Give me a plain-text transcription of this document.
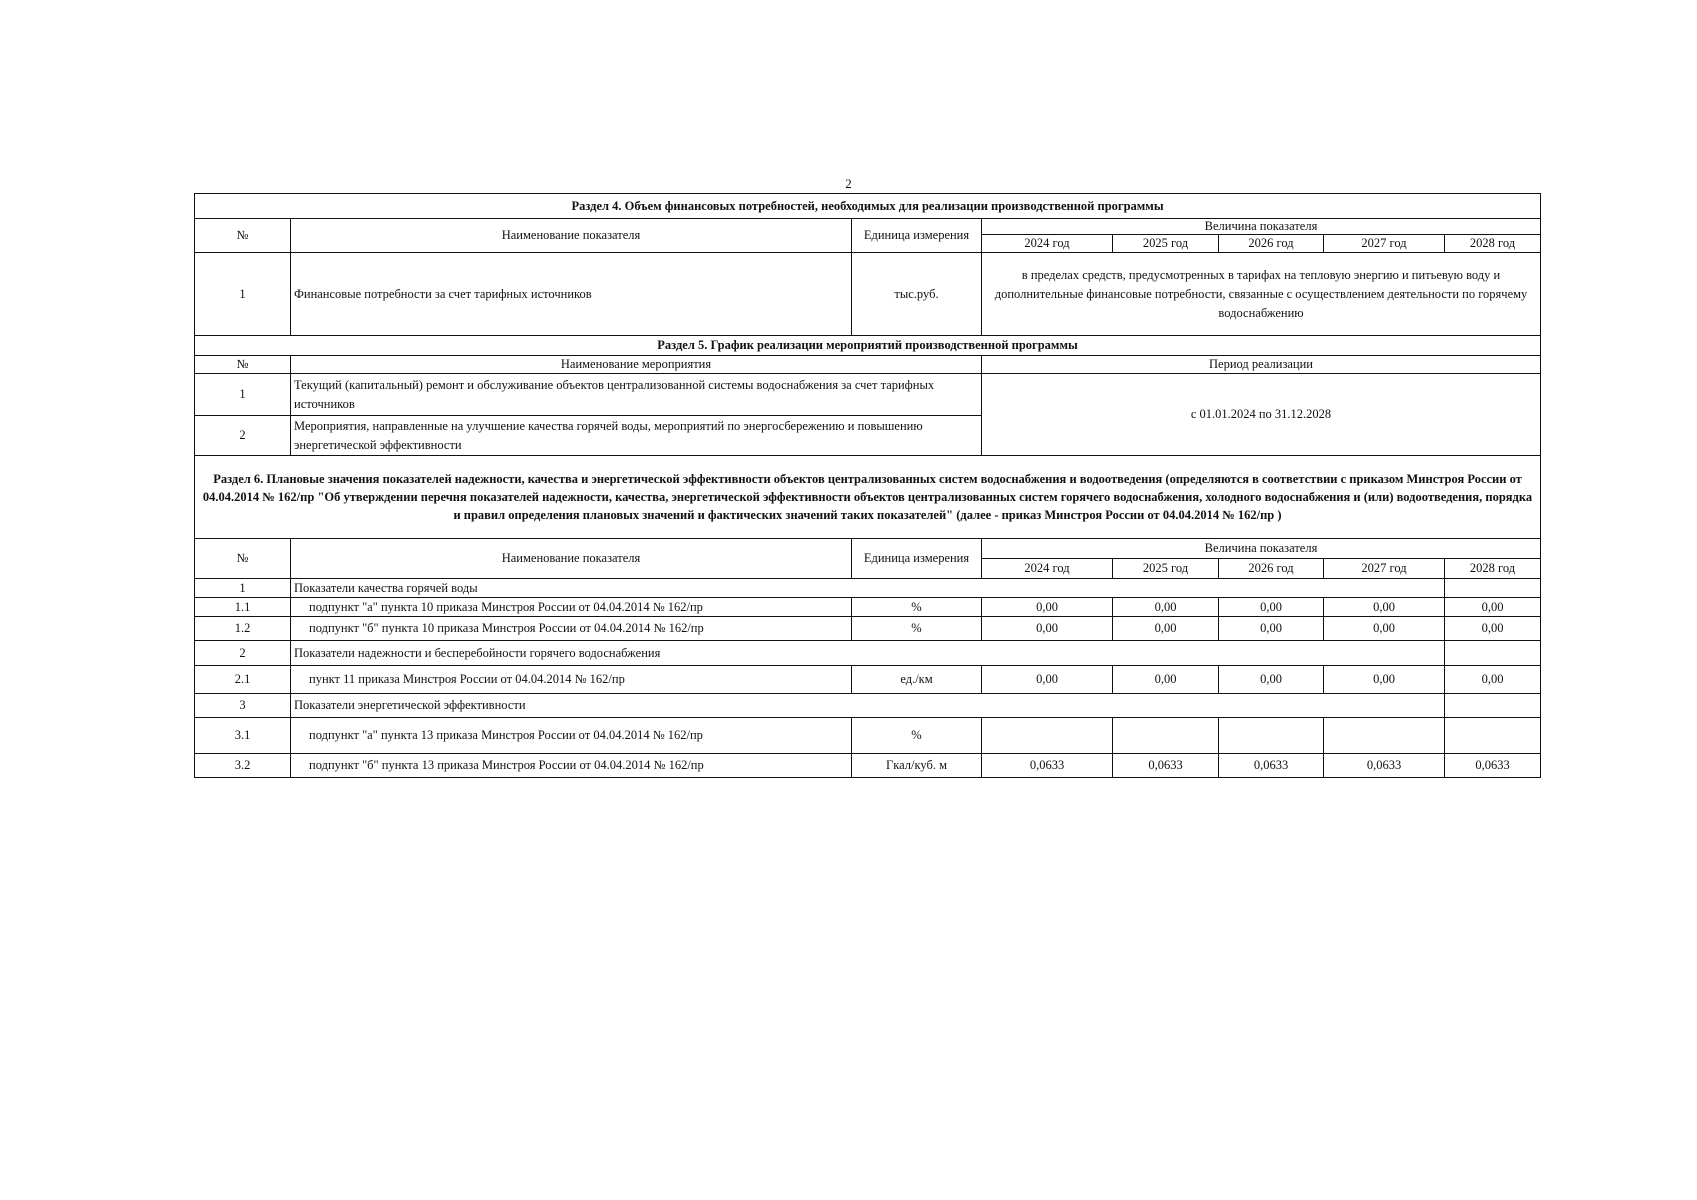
2
Раздел 4. Объем финансовых потребностей, необходимых для реализации производственной программы							
№	Наименование показателя	Единица измерения	Величина показателя				
			2024 год	2025 год	2026 год	2027 год	2028 год
1	Финансовые потребности за счет тарифных источников	тыс.руб.	в пределах средств, предусмотренных в тарифах на тепловую энергию и питьевую воду и дополнительные финансовые потребности, связанные с осуществлением деятельности по горячему водоснабжению				
Раздел 5. График реализации мероприятий производственной программы							
№	Наименование мероприятия		Период реализации				
1	Текущий (капитальный) ремонт и обслуживание объектов централизованной системы водоснабжения за счет тарифных источников		с 01.01.2024 по 31.12.2028				
2	Мероприятия, направленные на улучшение качества горячей воды, мероприятий по энергосбережению и повышению энергетической эффективности						
Раздел 6. Плановые значения показателей надежности, качества и энергетической эффективности объектов централизованных систем водоснабжения и водоотведения (определяются в соответствии с приказом Минстроя России от 04.04.2014 № 162/пр "Об утверждении перечня показателей надежности, качества, энергетической эффективности объектов централизованных систем горячего водоснабжения, холодного водоснабжения и (или) водоотведения, порядка и правил определения плановых значений и фактических значений таких показателей" (далее - приказ Минстроя России от 04.04.2014 № 162/пр )							
№	Наименование показателя	Единица измерения	Величина показателя				
			2024 год	2025 год	2026 год	2027 год	2028 год
1	Показатели качества горячей воды						
1.1	подпункт "а" пункта 10 приказа Минстроя России от 04.04.2014 № 162/пр	%	0,00	0,00	0,00	0,00	0,00
1.2	подпункт "б" пункта 10 приказа Минстроя России от 04.04.2014 № 162/пр	%	0,00	0,00	0,00	0,00	0,00
2	Показатели надежности и бесперебойности горячего водоснабжения						
2.1	пункт 11 приказа Минстроя России от 04.04.2014 № 162/пр	ед./км	0,00	0,00	0,00	0,00	0,00
3	Показатели энергетической эффективности						
3.1	подпункт "а" пункта 13 приказа Минстроя России от 04.04.2014 № 162/пр	%					
3.2	подпункт "б" пункта 13 приказа Минстроя России от 04.04.2014 № 162/пр	Гкал/куб. м	0,0633	0,0633	0,0633	0,0633	0,0633
